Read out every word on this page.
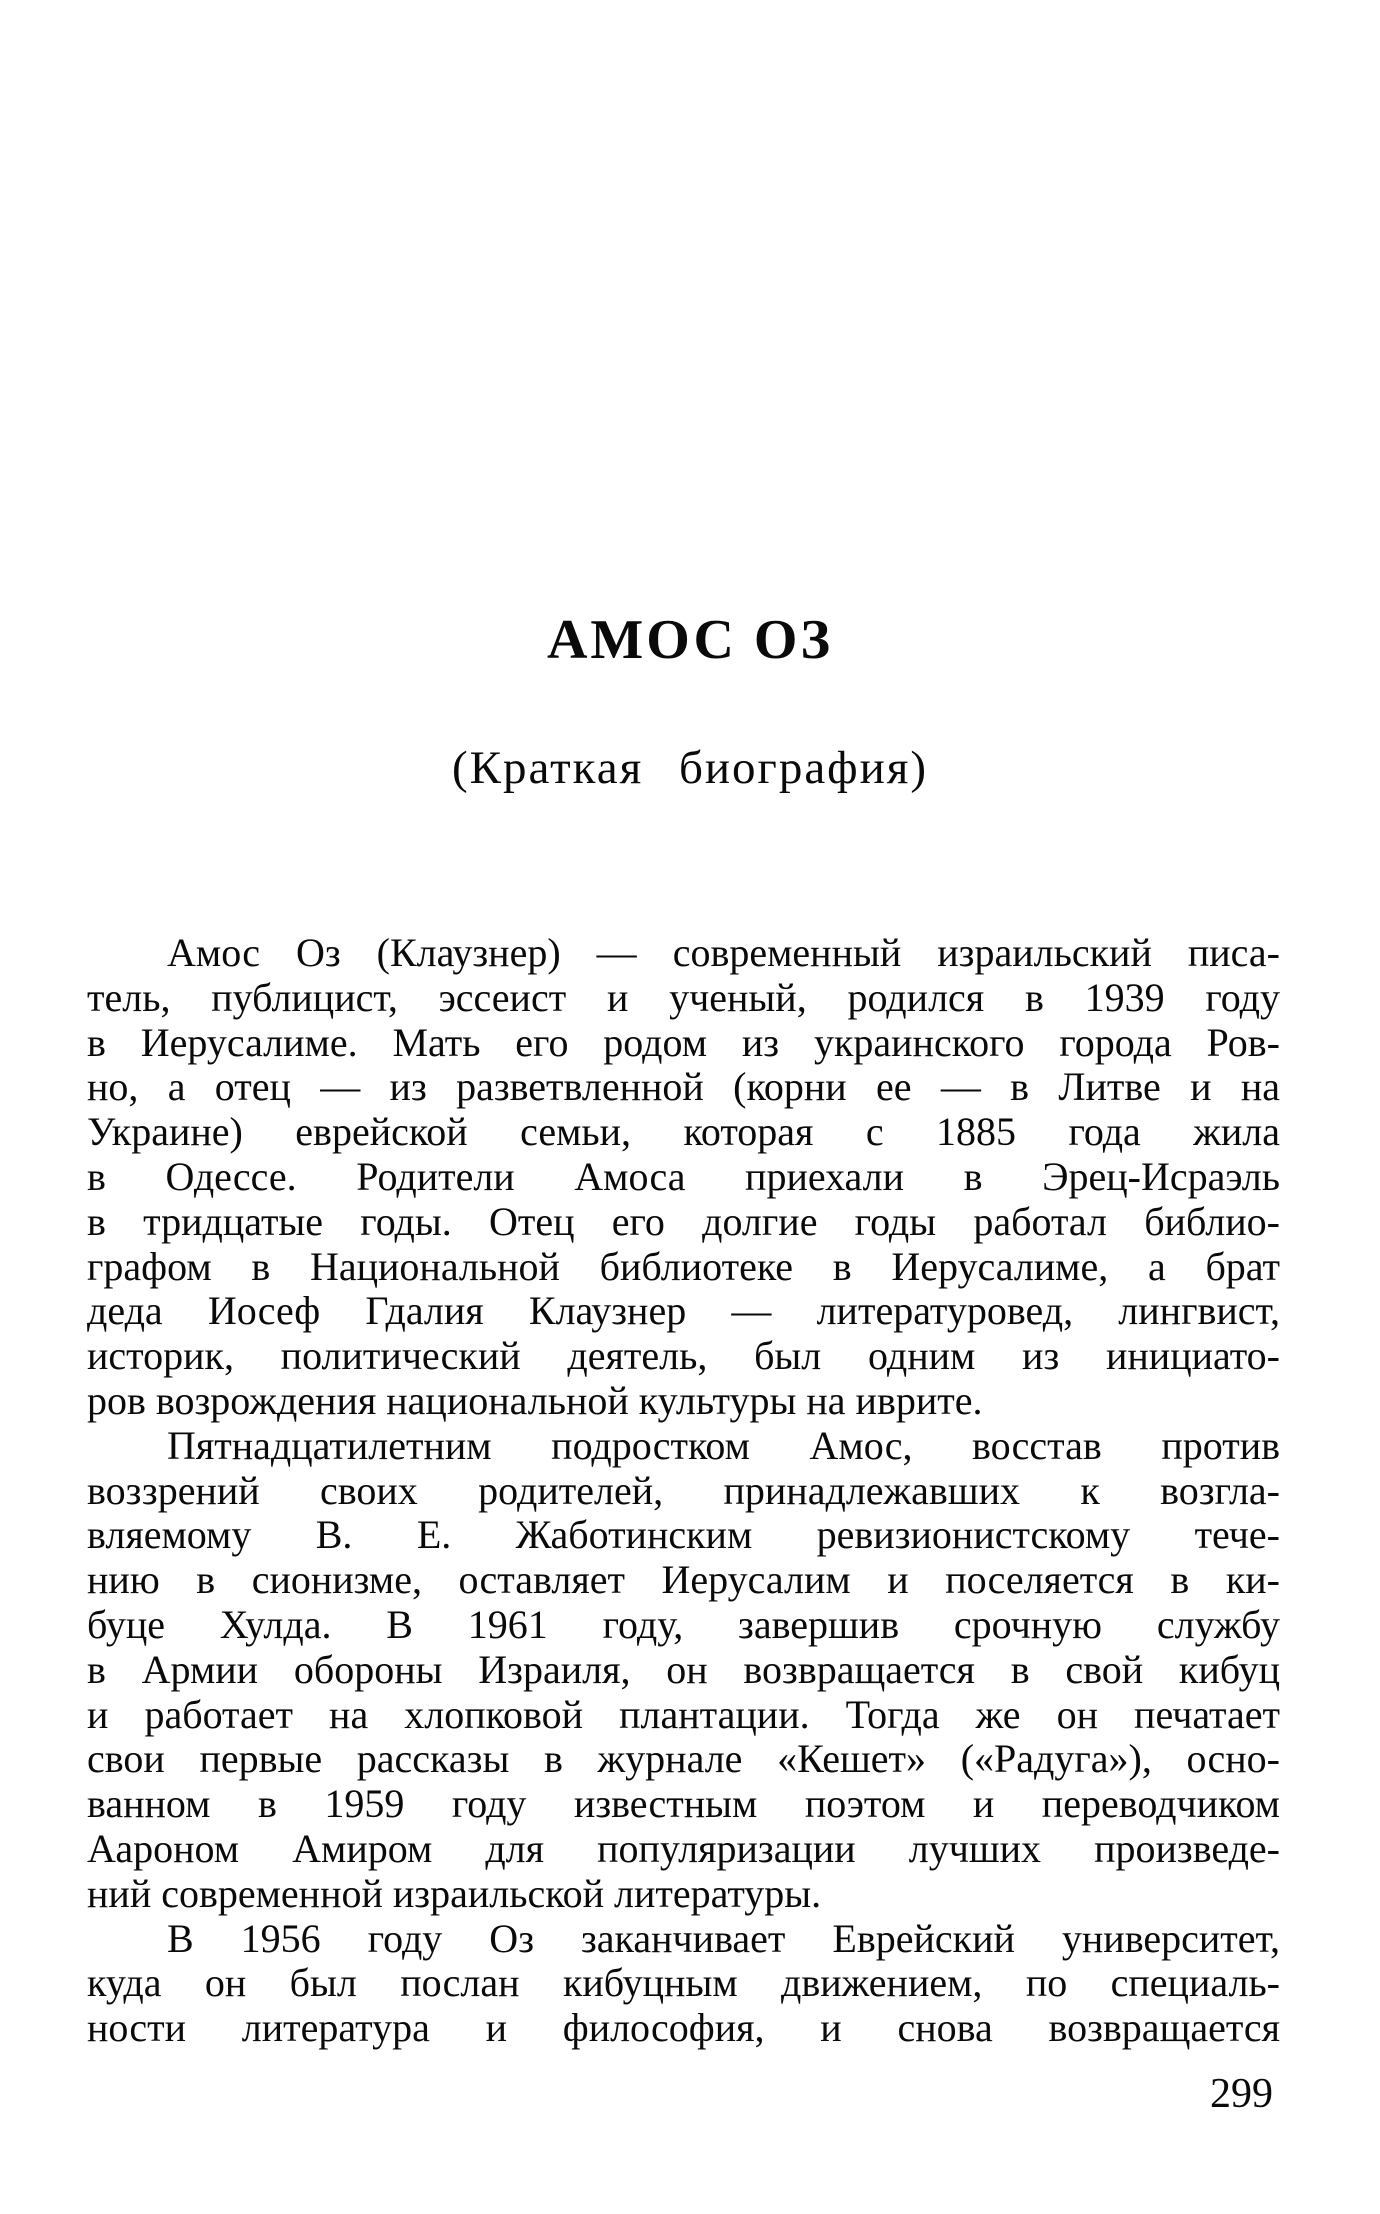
АМОС ОЗ
(Краткая биография)
Амос Оз (Клаузнер) — современный израильский писа-
тель, публицист, эссеист и ученый, родился в 1939 году
в Иерусалиме. Мать его родом из украинского города Ров-
но, а отец — из разветвленной (корни ее — в Литве и на
Украине) еврейской семьи, которая с 1885 года жила
в Одессе. Родители Амоса приехали в Эрец-Исраэль
в тридцатые годы. Отец его долгие годы работал библио-
графом в Национальной библиотеке в Иерусалиме, а брат
деда Иосеф Гдалия Клаузнер — литературовед, лингвист,
историк, политический деятель, был одним из инициато-
ров возрождения национальной культуры на иврите.
Пятнадцатилетним подростком Амос, восстав против
воззрений своих родителей, принадлежавших к возгла-
вляемому В. Е. Жаботинским ревизионистскому тече-
нию в сионизме, оставляет Иерусалим и поселяется в ки-
буце Хулда. В 1961 году, завершив срочную службу
в Армии обороны Израиля, он возвращается в свой кибуц
и работает на хлопковой плантации. Тогда же он печатает
свои первые рассказы в журнале «Кешет» («Радуга»), осно-
ванном в 1959 году известным поэтом и переводчиком
Аароном Амиром для популяризации лучших произведе-
ний современной израильской литературы.
В 1956 году Оз заканчивает Еврейский университет,
куда он был послан кибуцным движением, по специаль-
ности литература и философия, и снова возвращается
299
